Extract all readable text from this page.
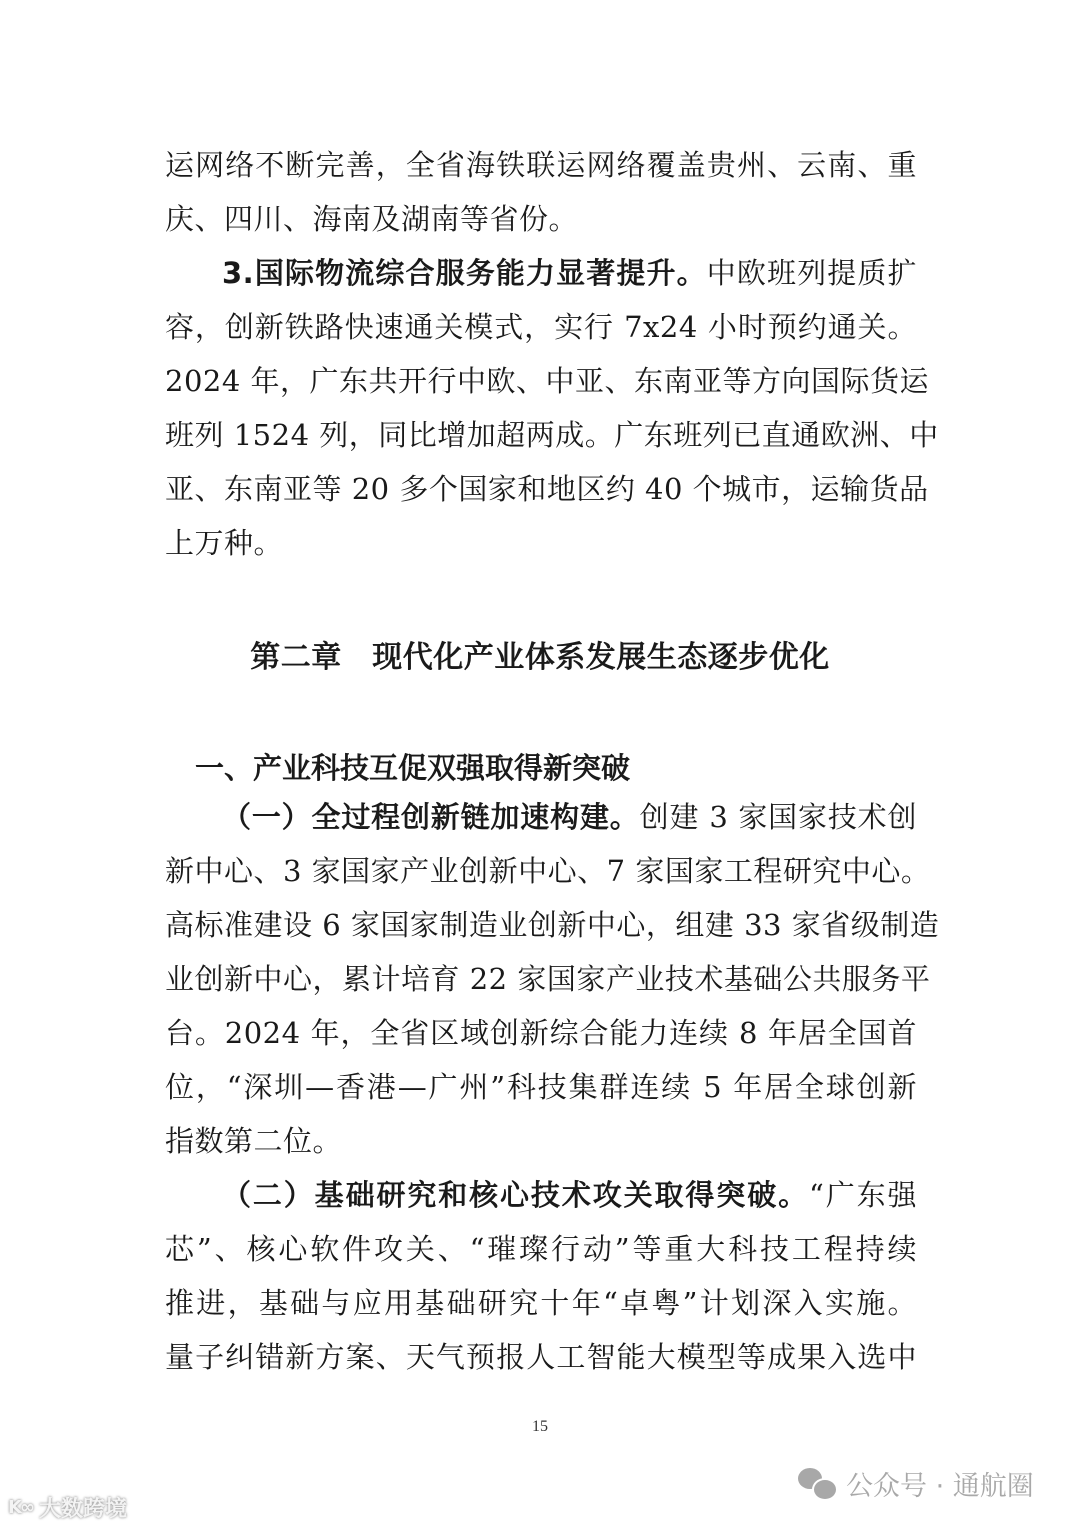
运网络不断完善，全省海铁联运网络覆盖贵州、云南、重
庆、四川、海南及湖南等省份。
3.国际物流综合服务能力显著提升。中欧班列提质扩
容，创新铁路快速通关模式，实行 7x24 小时预约通关。
2024 年，广东共开行中欧、中亚、东南亚等方向国际货运
班列 1524 列，同比增加超两成。广东班列已直通欧洲、中
亚、东南亚等 20 多个国家和地区约 40 个城市，运输货品
上万种。
第二章　现代化产业体系发展生态逐步优化
一、产业科技互促双强取得新突破
（一）全过程创新链加速构建。创建 3 家国家技术创
新中心、3 家国家产业创新中心、7 家国家工程研究中心。
高标准建设 6 家国家制造业创新中心，组建 33 家省级制造
业创新中心，累计培育 22 家国家产业技术基础公共服务平
台。2024 年，全省区域创新综合能力连续 8 年居全国首
位，“深圳—香港—广州”科技集群连续 5 年居全球创新
指数第二位。
（二）基础研究和核心技术攻关取得突破。“广东强
芯”、核心软件攻关、“璀璨行动”等重大科技工程持续
推进，基础与应用基础研究十年“卓粤”计划深入实施。
量子纠错新方案、天气预报人工智能大模型等成果入选中
15
K∞ 大数跨境
公众号 · 通航圈
